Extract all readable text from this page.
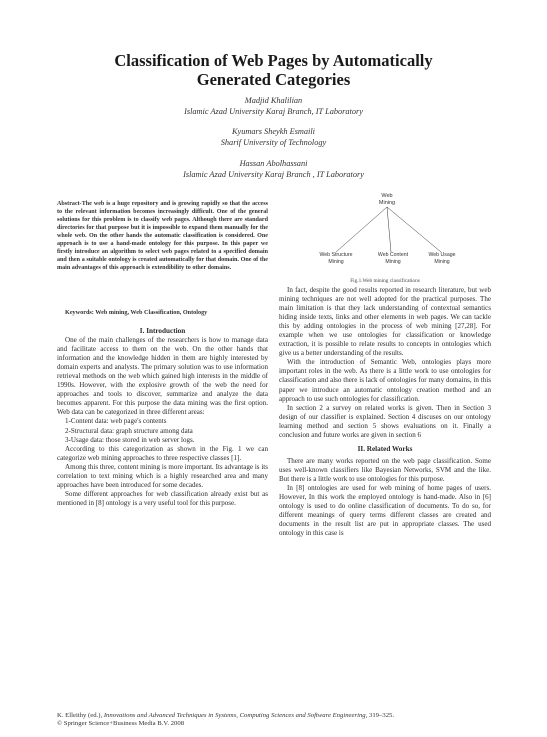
Classification of Web Pages by Automatically
Generated Categories
Madjid Khalilian
Islamic Azad University Karaj Branch, IT Laboratory
Kyumars Sheykh Esmaili
Sharif University of Technology
Hassan Abolhassani
Islamic Azad University Karaj Branch , IT Laboratory
Abstract-The web is a huge repository and is growing rapidly so that the access to the relevant information becomes increasingly difficult. One of the general solutions for this problem is to classify web pages. Although there are standard directories for that purpose but it is impossible to expand them manually for the whole web. On the other hands the automatic classification is considered. One approach is to use a hand-made ontology for this purpose. In this paper we firstly introduce an algorithm to select web pages related to a specified domain and then a suitable ontology is created automatically for that domain. One of the main advantages of this approach is extendibility to other domains.
Keywords: Web mining, Web Classification, Ontology

I. Introduction

One of the main challenges of the researchers is how to manage data and facilitate access to them on the web. On the other hands that information and the knowledge hidden in them are highly interested by domain experts and analysts. The primary solution was to use information retrieval methods on the web which gained high interests in the middle of 1990s. However, with the explosive growth of the web the need for approaches and tools to discover, summarize and analyze the data becomes apparent. For this purpose the data mining was the first option. Web data can be categorized in three different areas:

1-Content data: web page's contents

2-Structural data: graph structure among data

3-Usage data: those stored in web server logs.

According to this categorization as shown in the Fig. 1 we can categorize web mining approaches to three respective classes [1].

Among this three, content mining is more important. Its advantage is its correlation to text mining which is a highly researched area and many approaches have been introduced for some decades.

Some different approaches for web classification already exist but as mentioned in [8] ontology is a very useful tool for this purpose.

Web
Mining
Web Structure
Mining
Web Content
Mining
Web Usage
Mining
Fig.1.Web mining classifications

In fact, despite the good results reported in research literature, but web mining techniques are not well adopted for the practical purposes. The main limitation is that they lack understanding of contextual semantics hiding inside texts, links and other elements in web pages. We can tackle this by adding ontologies in the process of web mining [27,28]. For example when we use ontologies for classification or knowledge extraction, it is possible to relate results to concepts in ontologies which give us a better understanding of the results.

With the introduction of Semantic Web, ontologies plays more important roles in the web. As there is a little work to use ontologies for classification and also there is lack of ontologies for many domains, in this paper we introduce an automatic ontology creation method and an approach to use such ontologies for classification.

In section 2 a survey on related works is given. Then in Section 3 design of our classifier is explained. Section 4 discuses on our ontology learning method and section 5 shows evaluations on it. Finally a conclusion and future works are given in section 6

II. Related Works

There are many works reported on the web page classification. Some uses well-known classifiers like Bayesian Networks, SVM and the like. But there is a little work to use ontologies for this purpose.

In [8] ontologies are used for web mining of home pages of users. However, In this work the employed ontology is hand-made. Also in [6] ontology is used to do online classification of documents. To do so, for different meanings of query terms different classes are created and documents in the result list are put in appropriate classes. The used ontology in this case is

K. Elleithy (ed.), Innovations and Advanced Techniques in Systems, Computing Sciences and Software Engineering, 319–325.
© Springer Science+Business Media B.V. 2008
